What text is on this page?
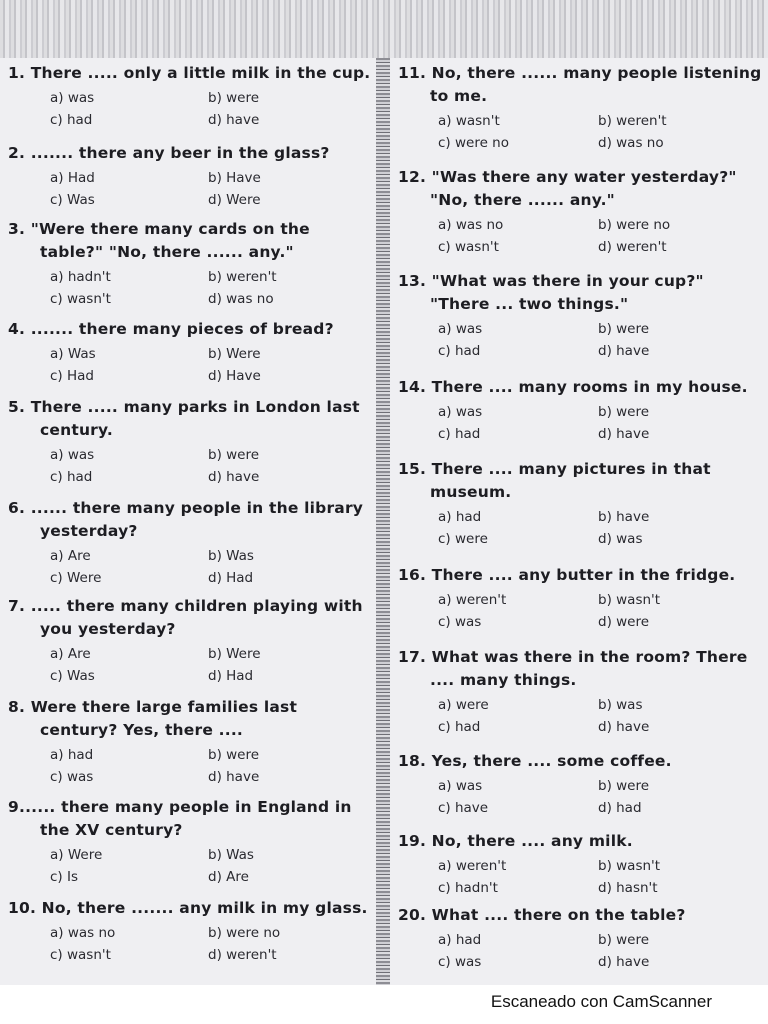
1. There ..... only a little milk in the cup.

a) was	b) were
c) had	d) have

2. ....... there any beer in the glass?

a) Had	b) Have
c) Was	d) Were

3. "Were there many cards on the
table?" "No, there ...... any."

a) hadn't	b) weren't
c) wasn't	d) was no

4. ....... there many pieces of bread?

a) Was	b) Were
c) Had	d) Have

5. There ..... many parks in London last
century.

a) was	b) were
c) had	d) have

6. ...... there many people in the library
yesterday?

a) Are	b) Was
c) Were	d) Had

7. ..... there many children playing with
you yesterday?

a) Are	b) Were
c) Was	d) Had

8. Were there large families last
century? Yes, there ....

a) had	b) were
c) was	d) have

9...... there many people in England in
the XV century?

a) Were	b) Was
c) Is	d) Are

10. No, there ....... any milk in my glass.

a) was no	b) were no
c) wasn't	d) weren't

11. No, there ...... many people listening
to me.

a) wasn't	b) weren't
c) were no	d) was no

12. "Was there any water yesterday?"
"No, there ...... any."

a) was no	b) were no
c) wasn't	d) weren't

13. "What was there in your cup?"
"There ... two things."

a) was	b) were
c) had	d) have

14. There .... many rooms in my house.

a) was	b) were
c) had	d) have

15. There .... many pictures in that
museum.

a) had	b) have
c) were	d) was

16. There .... any butter in the fridge.

a) weren't	b) wasn't
c) was	d) were

17. What was there in the room? There
.... many things.

a) were	b) was
c) had	d) have

18. Yes, there .... some coffee.

a) was	b) were
c) have	d) had

19. No, there .... any milk.

a) weren't	b) wasn't
c) hadn't	d) hasn't

20. What .... there on the table?

a) had	b) were
c) was	d) have
Escaneado con CamScanner
